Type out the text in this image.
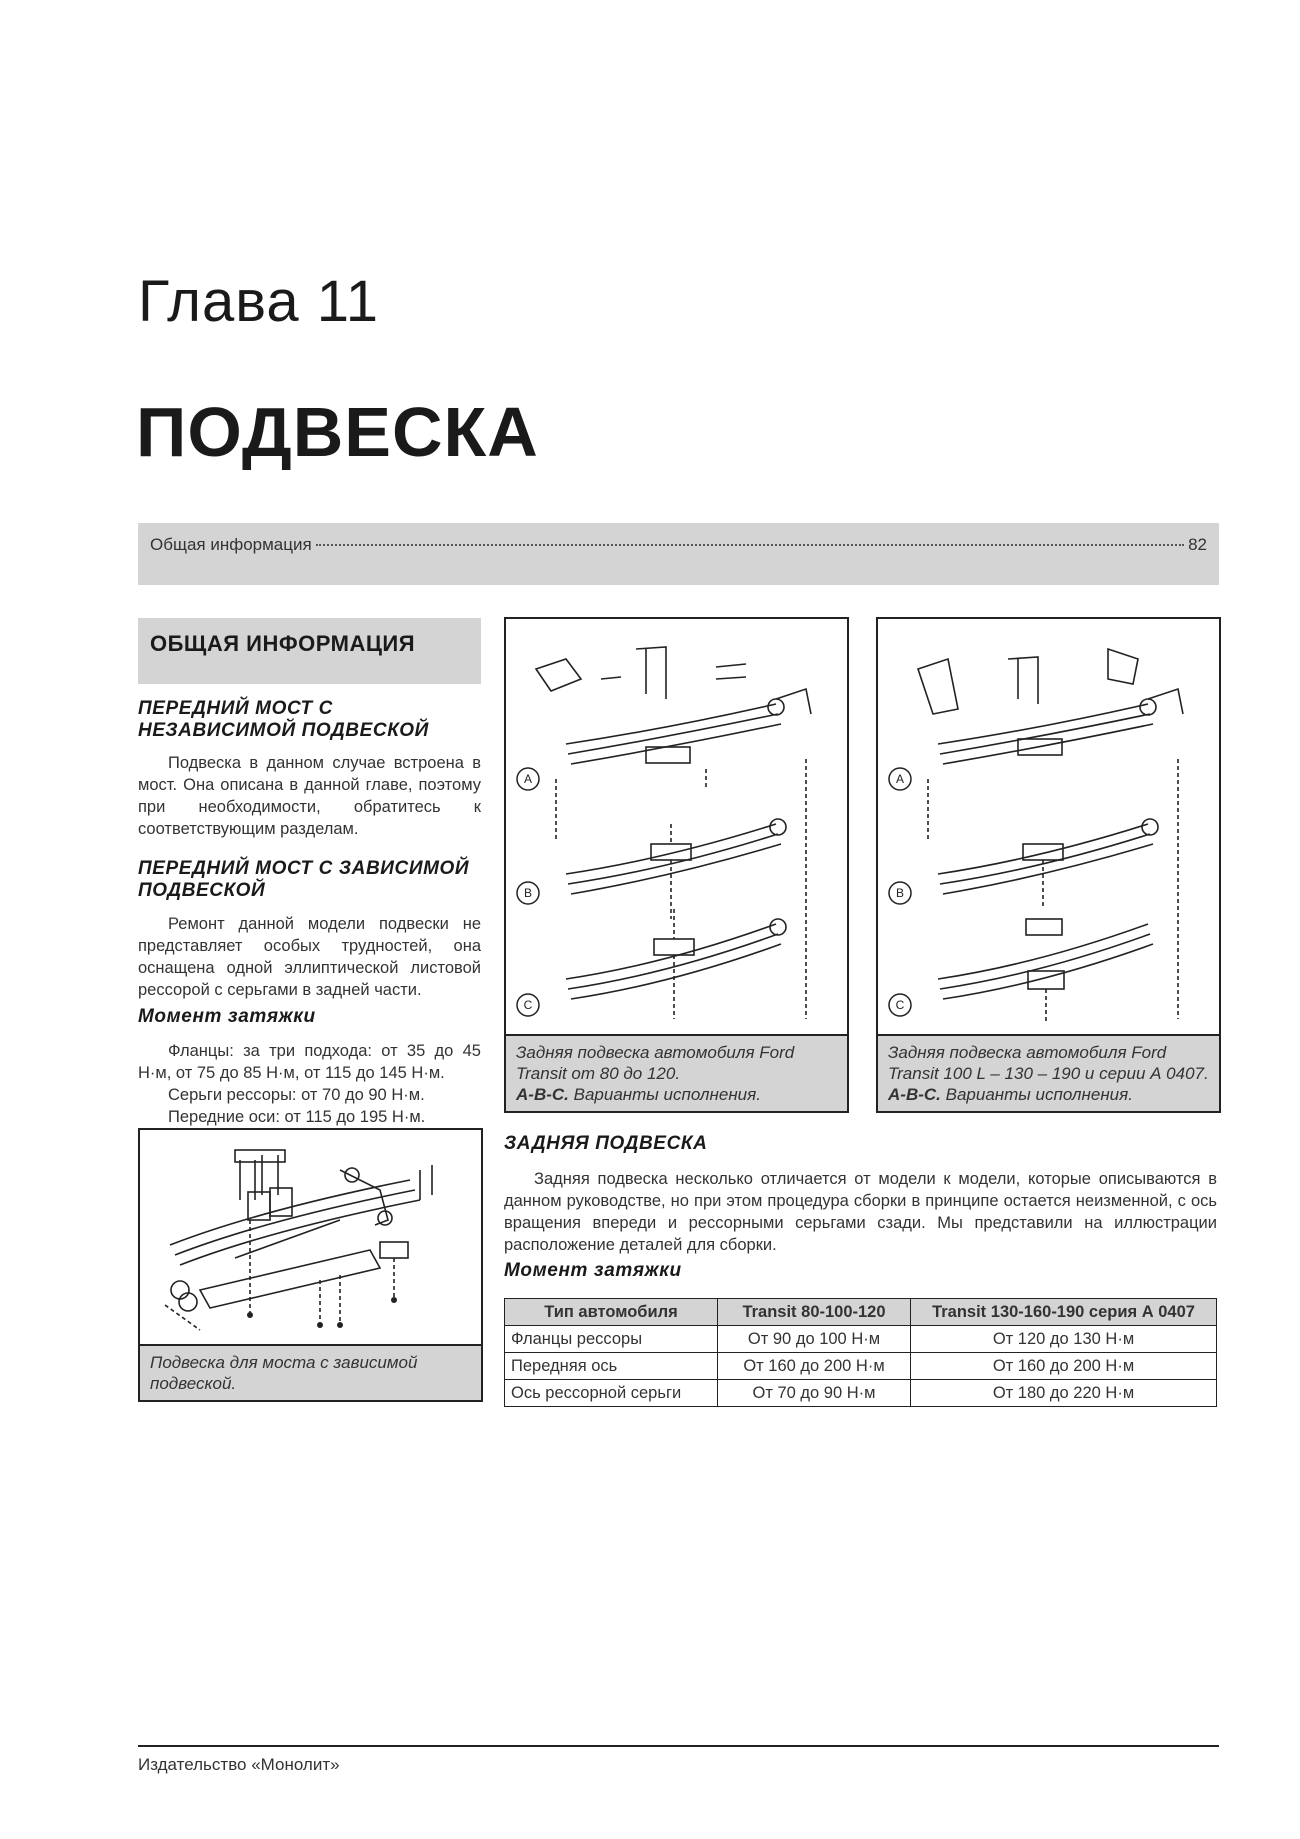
Глава 11
ПОДВЕСКА
Общая информация	82
ОБЩАЯ ИНФОРМАЦИЯ
ПЕРЕДНИЙ МОСТ С НЕЗАВИСИМОЙ ПОДВЕСКОЙ
Подвеска в данном случае встроена в мост. Она описана в данной главе, поэтому при необходимости, обратитесь к соответствующим разделам.
ПЕРЕДНИЙ МОСТ С ЗАВИСИМОЙ ПОДВЕСКОЙ
Ремонт данной модели подвески не представляет особых трудностей, она оснащена одной эллиптической листовой рессорой с серьгами в задней части.
Момент затяжки
Фланцы: за три подхода: от 35 до 45 Н·м, от 75 до 85 Н·м, от 115 до 145 Н·м.
Серьги рессоры: от 70 до 90 Н·м.
Передние оси: от 115 до 195 Н·м.
Подвеска для моста с зависимой подвеской.
A
B
C
Задняя подвеска автомобиля Ford Transit от 80 до 120.
A-B-C. Варианты исполнения.
A
B
C
Задняя подвеска автомобиля Ford Transit 100 L – 130 – 190 и серии А 0407.
A-B-C. Варианты исполнения.
ЗАДНЯЯ ПОДВЕСКА
Задняя подвеска несколько отличается от модели к модели, которые описываются в данном руководстве, но при этом процедура сборки в принципе остается неизменной, с ось вращения впереди и рессорными серьгами сзади. Мы представили на иллюстрации расположение деталей для сборки.
Момент затяжки
Тип автомобиля	Transit 80-100-120	Transit 130-160-190 серия А 0407
Фланцы рессоры	От 90 до 100 Н·м	От 120 до 130 Н·м
Передняя ось	От 160 до 200 Н·м	От 160 до 200 Н·м
Ось рессорной серьги	От 70 до 90 Н·м	От 180 до 220 Н·м
Издательство «Монолит»
